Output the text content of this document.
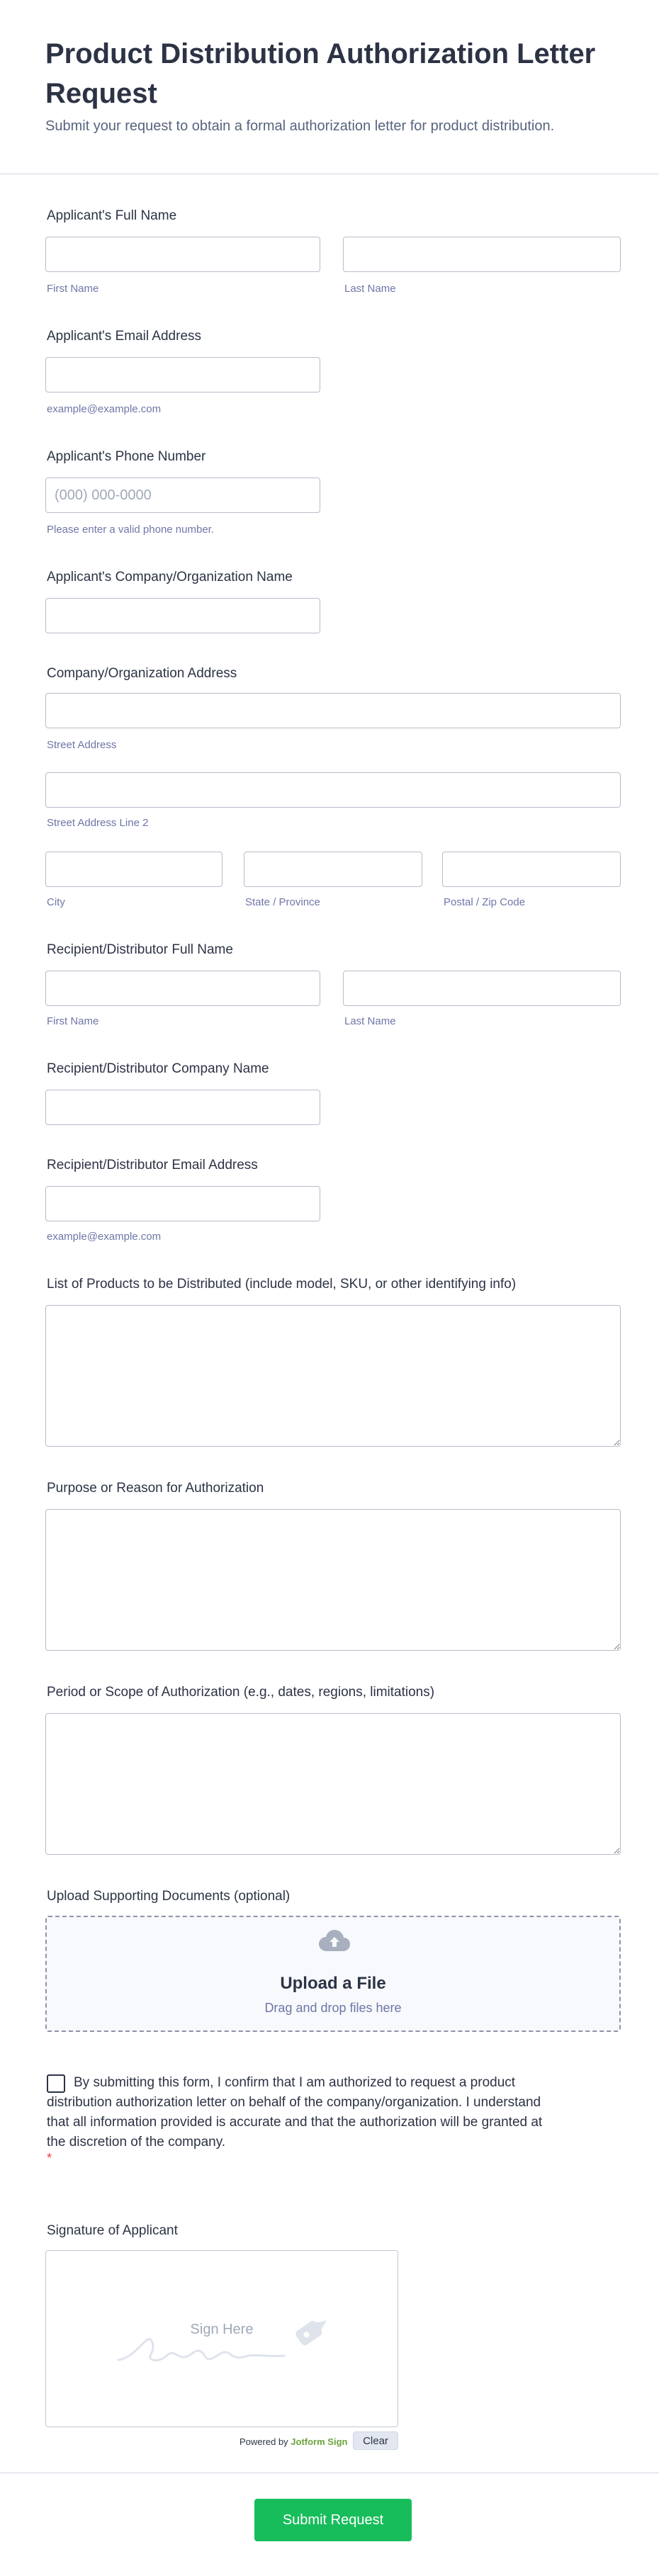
Product Distribution Authorization Letter Request

Submit your request to obtain a formal authorization letter for product distribution.

Applicant's Full Name
First Name	Last Name
Applicant's Email Address
example@example.com
Applicant's Phone Number
(000) 000-0000
Please enter a valid phone number.
Applicant's Company/Organization Name
Company/Organization Address
Street Address
Street Address Line 2
City	State / Province	Postal / Zip Code
Recipient/Distributor Full Name
First Name	Last Name
Recipient/Distributor Company Name
Recipient/Distributor Email Address
example@example.com
List of Products to be Distributed (include model, SKU, or other identifying info)
Purpose or Reason for Authorization
Period or Scope of Authorization (e.g., dates, regions, limitations)
Upload Supporting Documents (optional)
Upload a File
Drag and drop files here
By submitting this form, I confirm that I am authorized to request a product distribution authorization letter on behalf of the company/organization. I understand that all information provided is accurate and that the authorization will be granted at the discretion of the company.
*
Signature of Applicant
Sign Here
Powered by Jotform Sign	Clear
Submit Request
